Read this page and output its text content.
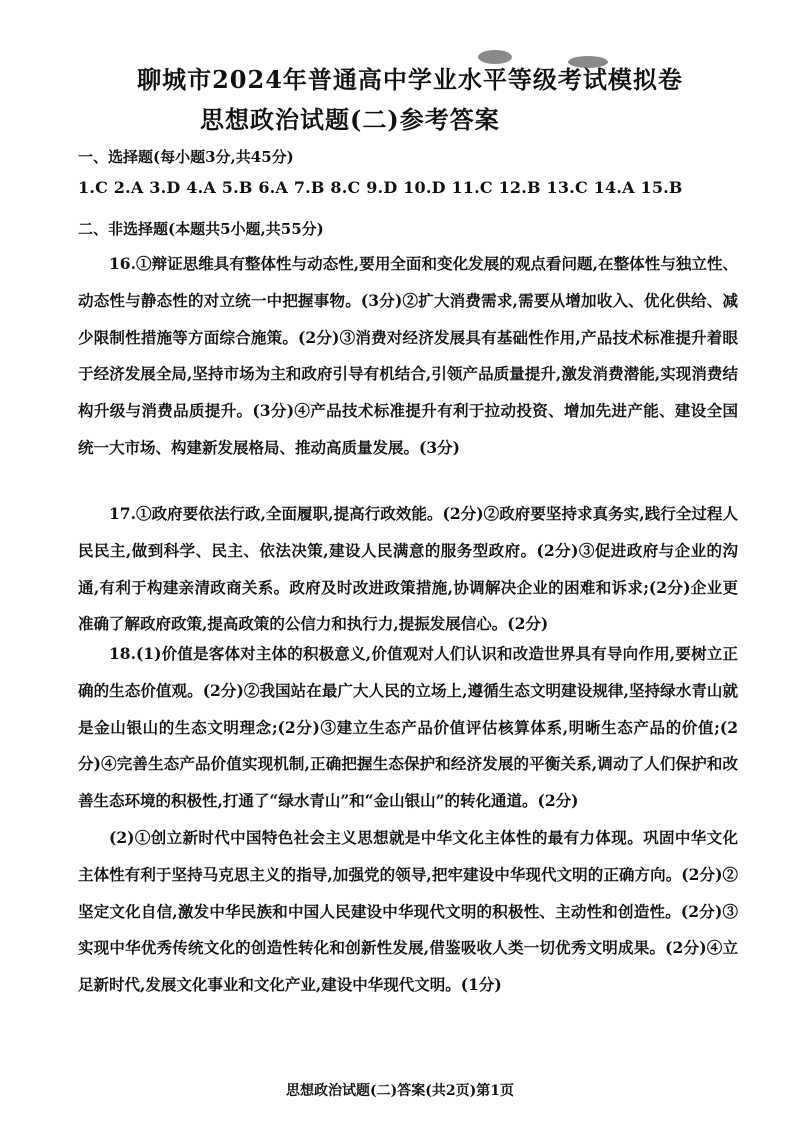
聊城市2024年普通高中学业水平等级考试模拟卷
思想政治试题(二)参考答案
一、选择题(每小题3分,共45分)
1.C 2.A 3.D 4.A 5.B 6.A 7.B 8.C 9.D 10.D 11.C 12.B 13.C 14.A 15.B
二、非选择题(本题共5小题,共55分)

16.①辩证思维具有整体性与动态性,要用全面和变化发展的观点看问题,在整体性与独立性、动态性与静态性的对立统一中把握事物。(3分)②扩大消费需求,需要从增加收入、优化供给、减少限制性措施等方面综合施策。(2分)③消费对经济发展具有基础性作用,产品技术标准提升着眼于经济发展全局,坚持市场为主和政府引导有机结合,引领产品质量提升,激发消费潜能,实现消费结构升级与消费品质提升。(3分)④产品技术标准提升有利于拉动投资、增加先进产能、建设全国统一大市场、构建新发展格局、推动高质量发展。(3分)

17.①政府要依法行政,全面履职,提高行政效能。(2分)②政府要坚持求真务实,践行全过程人民民主,做到科学、民主、依法决策,建设人民满意的服务型政府。(2分)③促进政府与企业的沟通,有利于构建亲清政商关系。政府及时改进政策措施,协调解决企业的困难和诉求;(2分)企业更准确了解政府政策,提高政策的公信力和执行力,提振发展信心。(2分)

18.(1)价值是客体对主体的积极意义,价值观对人们认识和改造世界具有导向作用,要树立正确的生态价值观。(2分)②我国站在最广大人民的立场上,遵循生态文明建设规律,坚持绿水青山就是金山银山的生态文明理念;(2分)③建立生态产品价值评估核算体系,明晰生态产品的价值;(2分)④完善生态产品价值实现机制,正确把握生态保护和经济发展的平衡关系,调动了人们保护和改善生态环境的积极性,打通了“绿水青山”和“金山银山”的转化通道。(2分)

(2)①创立新时代中国特色社会主义思想就是中华文化主体性的最有力体现。巩固中华文化主体性有利于坚持马克思主义的指导,加强党的领导,把牢建设中华现代文明的正确方向。(2分)②坚定文化自信,激发中华民族和中国人民建设中华现代文明的积极性、主动性和创造性。(2分)③实现中华优秀传统文化的创造性转化和创新性发展,借鉴吸收人类一切优秀文明成果。(2分)④立足新时代,发展文化事业和文化产业,建设中华现代文明。(1分)

思想政治试题(二)答案(共2页)第1页
